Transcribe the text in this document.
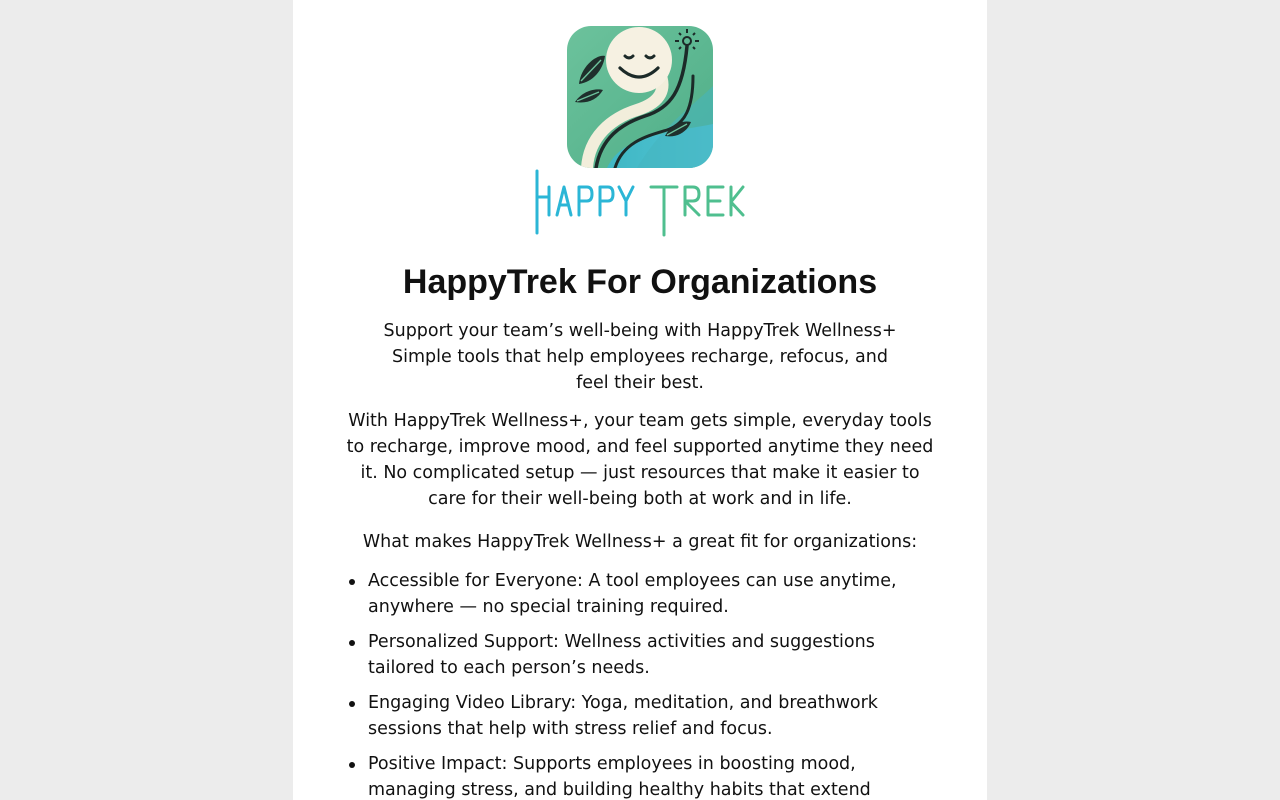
HappyTrek For Organizations

Support your team’s well-being with HappyTrek Wellness+
Simple tools that help employees recharge, refocus, and feel their best.

With HappyTrek Wellness+, your team gets simple, everyday tools to recharge, improve mood, and feel supported anytime they need it. No complicated setup — just resources that make it easier to care for their well-being both at work and in life.

What makes HappyTrek Wellness+ a great fit for organizations:

Accessible for Everyone: A tool employees can use anytime, anywhere — no special training required.
Personalized Support: Wellness activities and suggestions tailored to each person’s needs.
Engaging Video Library: Yoga, meditation, and breathwork sessions that help with stress relief and focus.
Positive Impact: Supports employees in boosting mood, managing stress, and building healthy habits that extend
